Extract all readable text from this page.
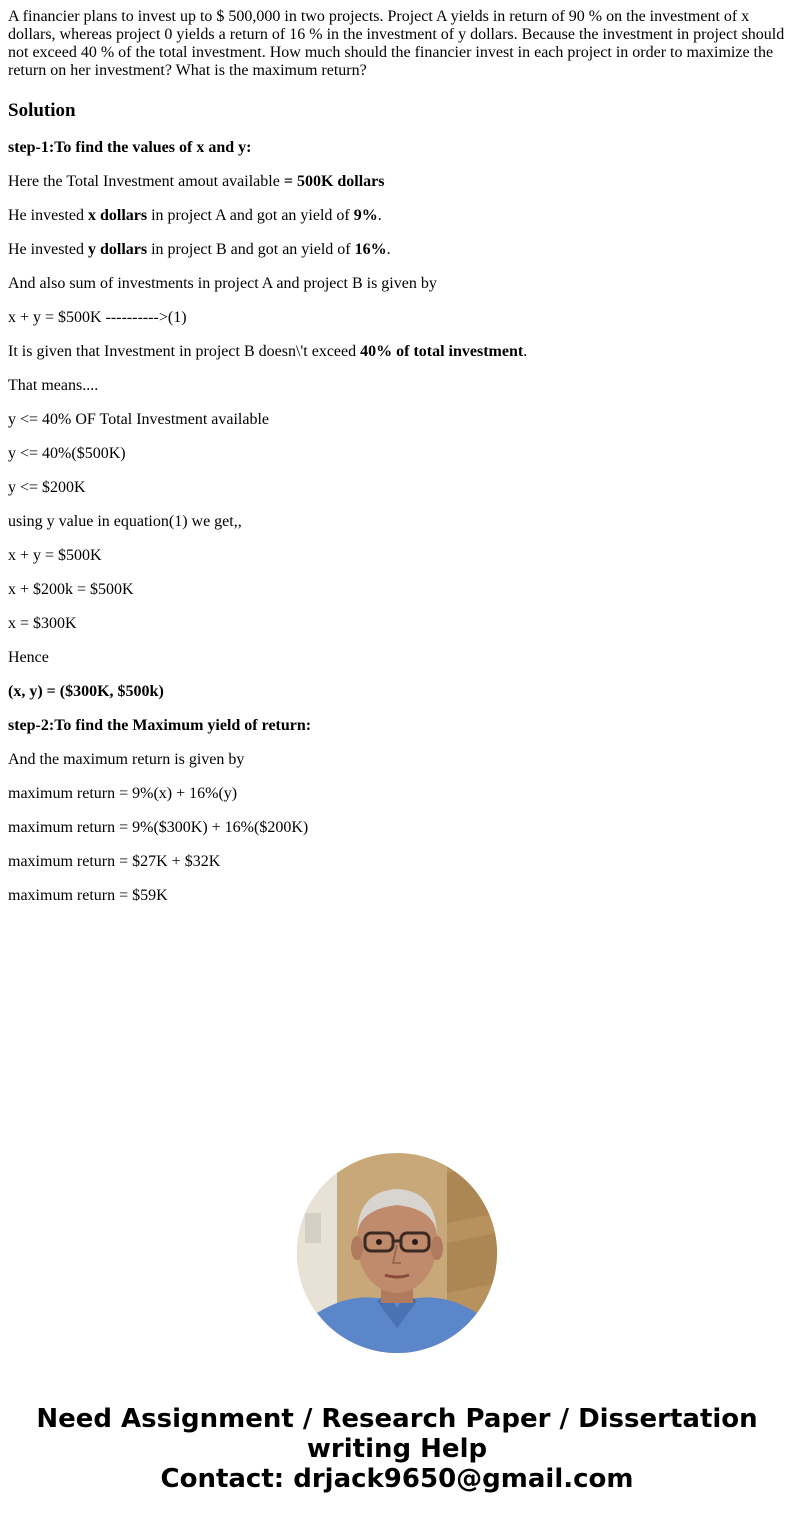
A financier plans to invest up to $ 500,000 in two projects. Project A yields in return of 90 % on the investment of x dollars, whereas project 0 yields a return of 16 % in the investment of y dollars. Because the investment in project should not exceed 40 % of the total investment. How much should the financier invest in each project in order to maximize the return on her investment? What is the maximum return?

Solution

step-1:To find the values of x and y:

Here the Total Investment amout available = 500K dollars

He invested x dollars in project A and got an yield of 9%.

He invested y dollars in project B and got an yield of 16%.

And also sum of investments in project A and project B is given by

x + y = $500K ---------->(1)

It is given that Investment in project B doesn\'t exceed 40% of total investment.

That means....

y <= 40% OF Total Investment available

y <= 40%($500K)

y <= $200K

using y value in equation(1) we get,,

x + y = $500K

x + $200k = $500K

x = $300K

Hence

(x, y) = ($300K, $500k)

step-2:To find the Maximum yield of return:

And the maximum return is given by

maximum return = 9%(x) + 16%(y)

maximum return = 9%($300K) + 16%($200K)

maximum return = $27K + $32K

maximum return = $59K

Need Assignment / Research Paper / Dissertation
writing Help
Contact: drjack9650@gmail.com
